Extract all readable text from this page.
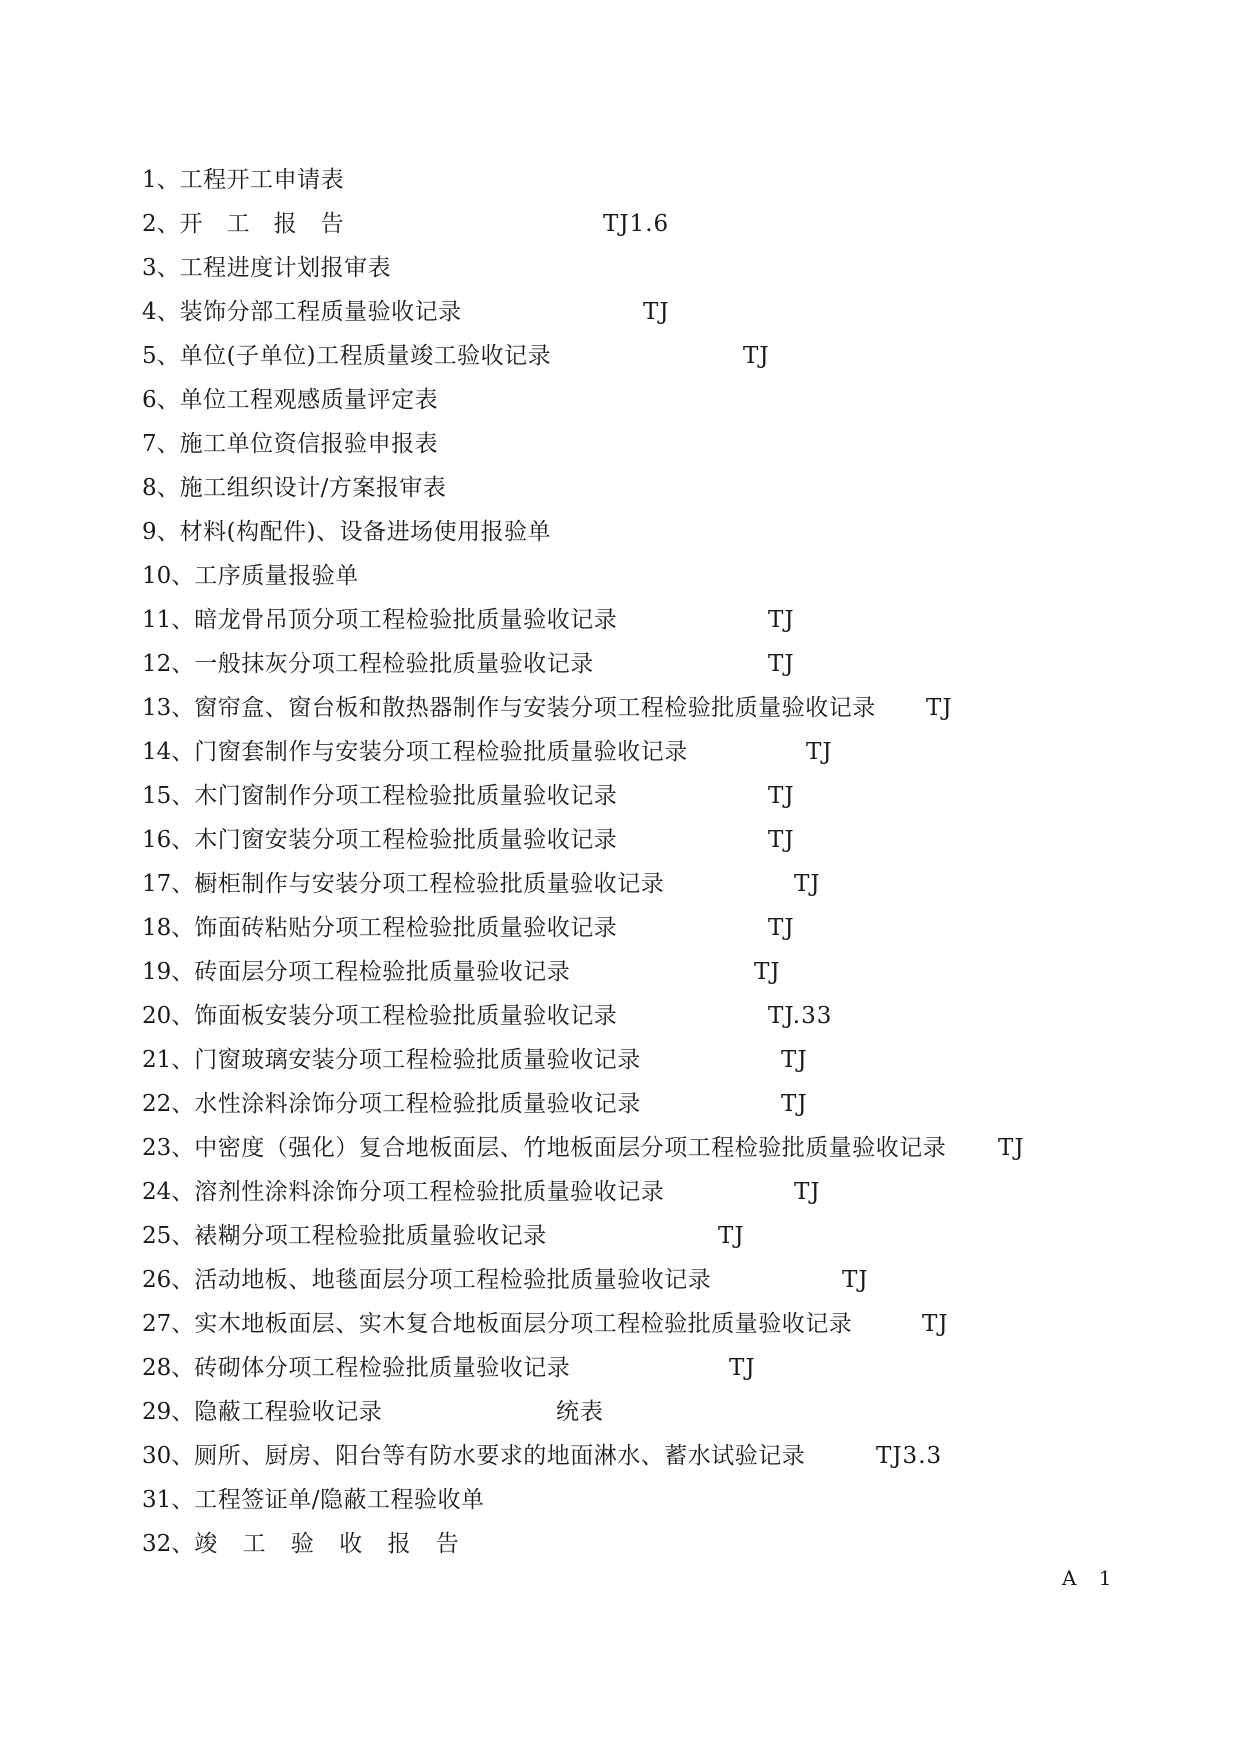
1、工程开工申请表
2、开　工　报　告	TJ1.6
3、工程进度计划报审表
4、装饰分部工程质量验收记录	TJ
5、单位(子单位)工程质量竣工验收记录	TJ
6、单位工程观感质量评定表
7、施工单位资信报验申报表
8、施工组织设计/方案报审表
9、材料(构配件)、设备进场使用报验单
10、工序质量报验单
11、暗龙骨吊顶分项工程检验批质量验收记录	TJ
12、一般抹灰分项工程检验批质量验收记录	TJ
13、窗帘盒、窗台板和散热器制作与安装分项工程检验批质量验收记录 TJ
14、门窗套制作与安装分项工程检验批质量验收记录	TJ
15、木门窗制作分项工程检验批质量验收记录	TJ
16、木门窗安装分项工程检验批质量验收记录	TJ
17、橱柜制作与安装分项工程检验批质量验收记录	TJ
18、饰面砖粘贴分项工程检验批质量验收记录	TJ
19、砖面层分项工程检验批质量验收记录	TJ
20、饰面板安装分项工程检验批质量验收记录	TJ.33
21、门窗玻璃安装分项工程检验批质量验收记录	TJ
22、水性涂料涂饰分项工程检验批质量验收记录	TJ
23、中密度（强化）复合地板面层、竹地板面层分项工程检验批质量验收记录 TJ
24、溶剂性涂料涂饰分项工程检验批质量验收记录	TJ
25、裱糊分项工程检验批质量验收记录	TJ
26、活动地板、地毯面层分项工程检验批质量验收记录	TJ
27、实木地板面层、实木复合地板面层分项工程检验批质量验收记录	TJ
28、砖砌体分项工程检验批质量验收记录	TJ
29、隐蔽工程验收记录	统表
30、厕所、厨房、阳台等有防水要求的地面淋水、蓄水试验记录	TJ3.3
31、工程签证单/隐蔽工程验收单
32、竣 工 验 收 报 告
A 1
